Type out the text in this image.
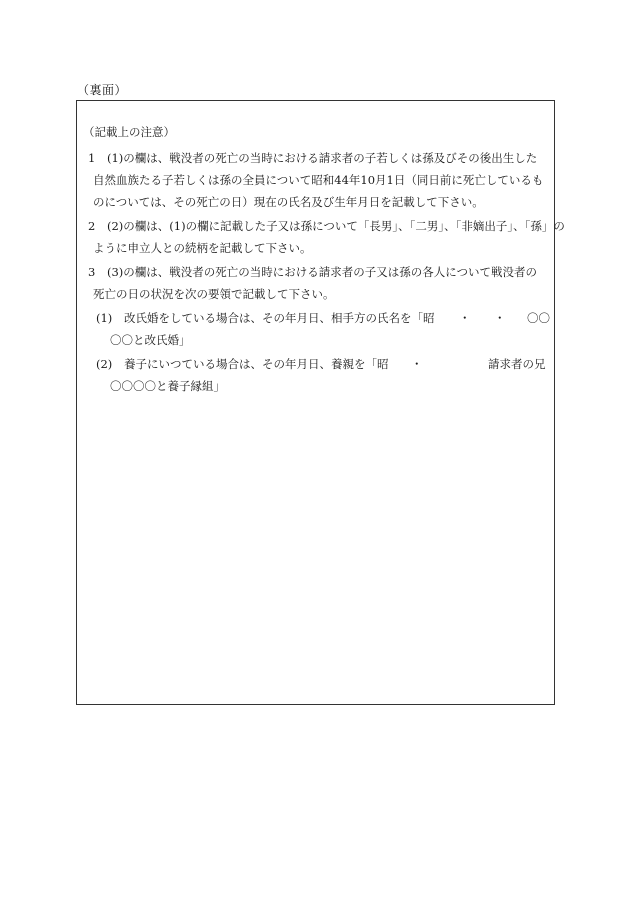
（裏面）
（記載上の注意）
1 (1)の欄は、戦没者の死亡の当時における請求者の子若しくは孫及びその後出生した
自然血族たる子若しくは孫の全員について昭和44年10月1日（同日前に死亡しているも
のについては、その死亡の日）現在の氏名及び生年月日を記載して下さい。
2 (2)の欄は、(1)の欄に記載した子又は孫について「長男」、「二男」、「非嫡出子」、「孫」の
ように申立人との続柄を記載して下さい。
3 (3)の欄は、戦没者の死亡の当時における請求者の子又は孫の各人について戦没者の
死亡の日の状況を次の要領で記載して下さい。
(1) 改氏婚をしている場合は、その年月日、相手方の氏名を「昭 ・ ・ 〇〇
〇〇と改氏婚」
(2) 養子にいつている場合は、その年月日、養親を「昭 ・	請求者の兄
〇〇〇〇と養子縁組」
